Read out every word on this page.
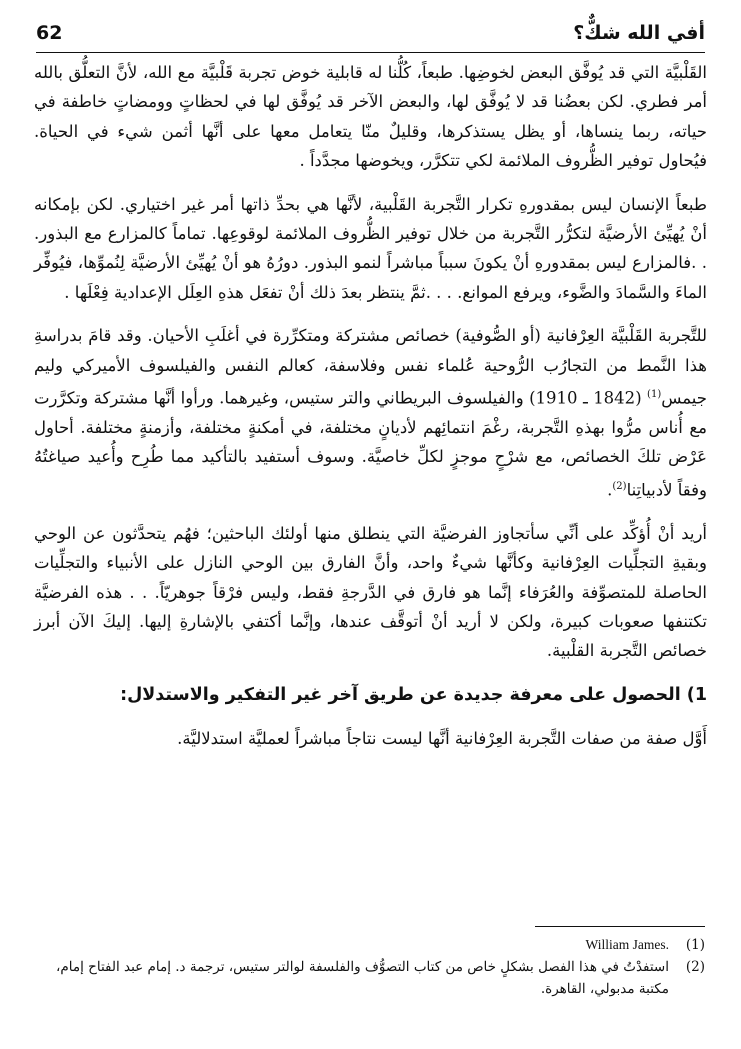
62	أفي الله شكٌّ؟

القَلْبيَّة التي قد يُوفَّق البعض لخوضِها. طبعاً، كُلُّنا له قابلية خوض تجربة قَلْبيَّة مع الله، لأنَّ التعلُّق بالله أمر فطري. لكن بعضُنا قد لا يُوفَّق لها، والبعض الآخر قد يُوفَّق لها في لحظاتٍ وومضاتٍ خاطفة في حياته، ربما ينساها، أو يظل يستذكرها، وقليلٌ منّا يتعامل معها على أنَّها أثمن شيء في الحياة. فيُحاول توفير الظُّروف الملائمة لكي تتكرَّر، ويخوضها مجدَّداً .

طبعاً الإنسان ليس بمقدورهِ تكرار التَّجربة القَلْبية، لأنَّها هي بحدِّ ذاتها أمر غير اختياري. لكن بإمكانه أنْ يُهيِّئ الأرضيَّة لتكرُّر التَّجربة من خلال توفير الظُّروف الملائمة لوقوعِها. تماماً كالمزارع مع البذور. . .فالمزارع ليس بمقدورهِ أنْ يكونَ سبباً مباشراً لنمو البذور. دورُهُ هو أنْ يُهيِّئ الأرضيَّة لِنُموِّها، فيُوفِّر الماءَ والسَّمادَ والضَّوء، ويرفع الموانع. . . .ثمَّ ينتظر بعدَ ذلك أنْ تفعَل هذهِ العِلَل الإعدادية فِعْلَها .

للتَّجربة القَلْبيَّة العِرْفانية (أو الصُّوفية) خصائص مشتركة ومتكرِّرة في أغلَبِ الأحيان. وقد قامَ بدراسةِ هذا النَّمط من التجارُب الرُّوحية عُلماء نفس وفلاسفة، كعالم النفس والفيلسوف الأميركي وليم جيمس$^{(1)}$ (1842 ـ 1910) والفيلسوف البريطاني والتر ستيس، وغيرهما. ورأوا أنَّها مشتركة وتكرَّرت مع أُناس مرُّوا بهذهِ التَّجربة، رغْمَ انتمائِهم لأديانٍ مختلفة، في أمكنةٍ مختلفة، وأزمنةٍ مختلفة. أحاول عَرْض تلكَ الخصائص، مع شرْحٍ موجزٍ لكلِّ خاصيَّة. وسوف أستفيد بالتأكيد مما طُرِح وأُعيد صياغتُهُ وفقاً لأدبياتِنا$^{(2)}$.

أريد أنْ أُؤكِّد على أنِّي سأتجاوز الفرضيَّة التي ينطلق منها أولئك الباحثين؛ فهُم يتحدَّثون عن الوحي وبقيةِ التجلِّيات العِرْفانية وكأنَّها شيءٌ واحد، وأنَّ الفارق بين الوحي النازل على الأنبياء والتجلِّيات الحاصلة للمتصوِّفة والعُرَفاء إنَّما هو فارق في الدَّرجةِ فقط، وليس فرْقاً جوهريّاً. . . هذه الفرضيَّة تكتنفها صعوبات كبيرة، ولكن لا أريد أنْ أتوقَّف عندها، وإنَّما أكتفي بالإشارةِ إليها. إليكَ الآن أبرز خصائص التَّجربة القلْبية.

1) الحصول على معرفة جديدة عن طريق آخر غير التفكير والاستدلال:

أَوَّل صفة من صفات التَّجربة العِرْفانية أنَّها ليست نتاجاً مباشراً لعمليَّة استدلاليَّة.

(1)
William James.
(2)
استفدْتُ في هذا الفصل بشكلٍ خاص من كتاب التصوُّف والفلسفة لوالتر ستيس، ترجمة د. إمام عبد الفتاح إمام، مكتبة مدبولي، القاهرة.
